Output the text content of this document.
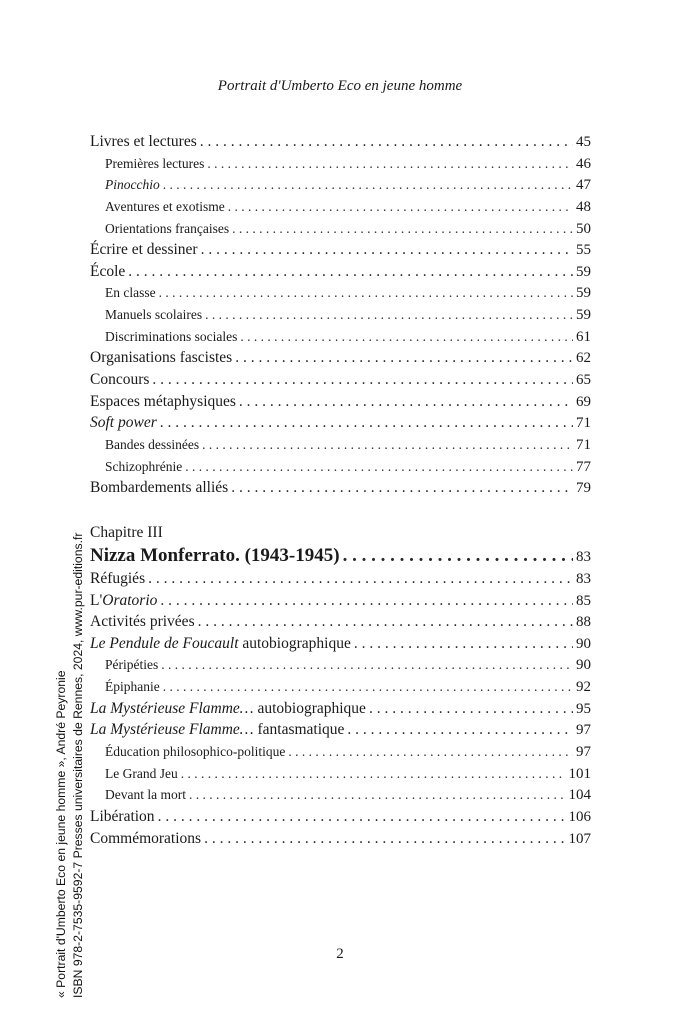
Portrait d'Umberto Eco en jeune homme
Livres et lectures . . .	45
Premières lectures . . .	46
Pinocchio . . .	47
Aventures et exotisme . . .	48
Orientations françaises . . .	50
Écrire et dessiner . . .	55
École . . .	59
En classe . . .	59
Manuels scolaires . . .	59
Discriminations sociales . . .	61
Organisations fascistes . . .	62
Concours . . .	65
Espaces métaphysiques . . .	69
Soft power . . .	71
Bandes dessinées . . .	71
Schizophrénie . . .	77
Bombardements alliés . . .	79
Chapitre III
Nizza Monferrato. (1943-1945) . . .	83
Réfugiés . . .	83
L'Oratorio . . .	85
Activités privées . . .	88
Le Pendule de Foucault autobiographique . . .	90
Péripéties . . .	90
Épiphanie . . .	92
La Mystérieuse Flamme… autobiographique . . .	95
La Mystérieuse Flamme… fantasmatique . . .	97
Éducation philosophico-politique . . .	97
Le Grand Jeu . . .	101
Devant la mort . . .	104
Libération . . .	106
Commémorations . . .	107
2
« Portrait d'Umberto Eco en jeune homme », André Peyronie ISBN 978-2-7535-9592-7 Presses universitaires de Rennes, 2024, www.pur-editions.fr
